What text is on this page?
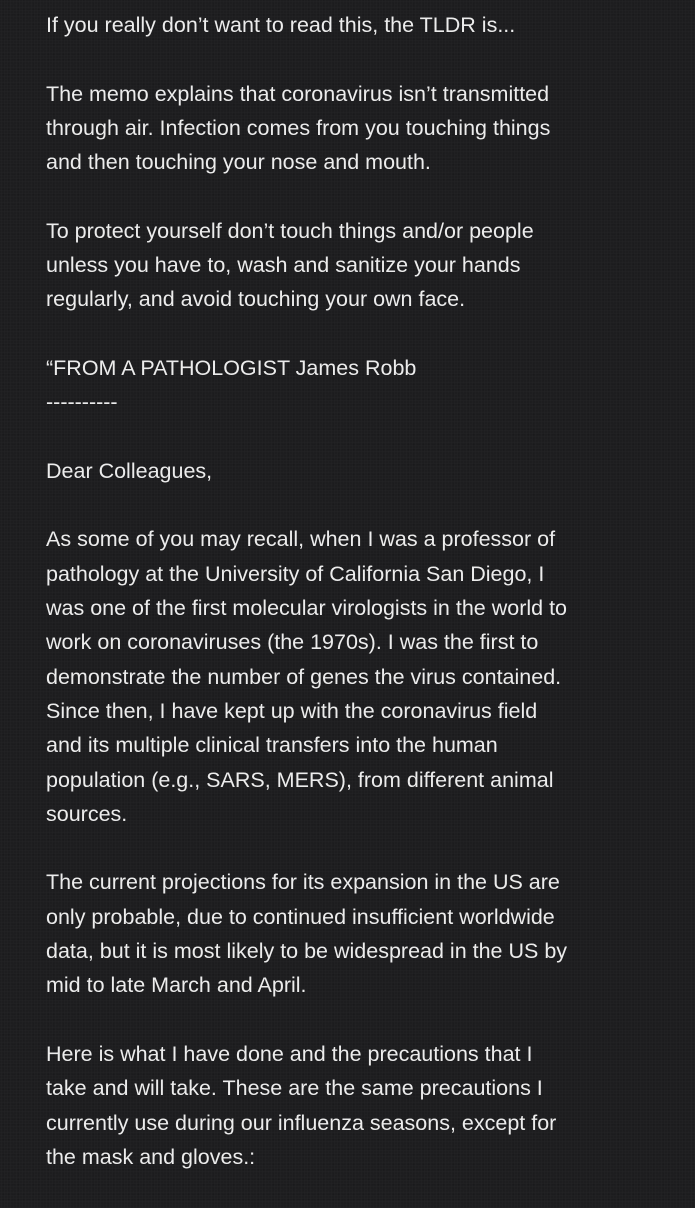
If you really don’t want to read this, the TLDR is...

The memo explains that coronavirus isn’t transmitted
through air. Infection comes from you touching things
and then touching your nose and mouth.

To protect yourself don’t touch things and/or people
unless you have to, wash and sanitize your hands
regularly, and avoid touching your own face.

“FROM A PATHOLOGIST James Robb

----------

Dear Colleagues,

As some of you may recall, when I was a professor of
pathology at the University of California San Diego, I
was one of the first molecular virologists in the world to
work on coronaviruses (the 1970s). I was the first to
demonstrate the number of genes the virus contained.
Since then, I have kept up with the coronavirus field
and its multiple clinical transfers into the human
population (e.g., SARS, MERS), from different animal
sources.

The current projections for its expansion in the US are
only probable, due to continued insufficient worldwide
data, but it is most likely to be widespread in the US by
mid to late March and April.

Here is what I have done and the precautions that I
take and will take. These are the same precautions I
currently use during our influenza seasons, except for
the mask and gloves.:
